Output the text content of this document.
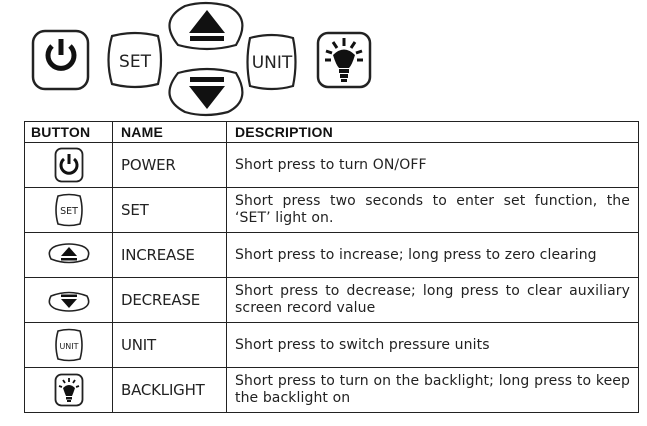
SET	UNIT
BUTTON	NAME	DESCRIPTION

	POWER	Short press to turn ON/OFF

SET	SET	Short press two seconds to enter set function, the ‘SET’ light on.

	INCREASE	Short press to increase; long press to zero clearing

	DECREASE	Short press to decrease; long press to clear auxiliary screen record value

UNIT	UNIT	Short press to switch pressure units

	BACKLIGHT	Short press to turn on the backlight; long press to keep the backlight on
